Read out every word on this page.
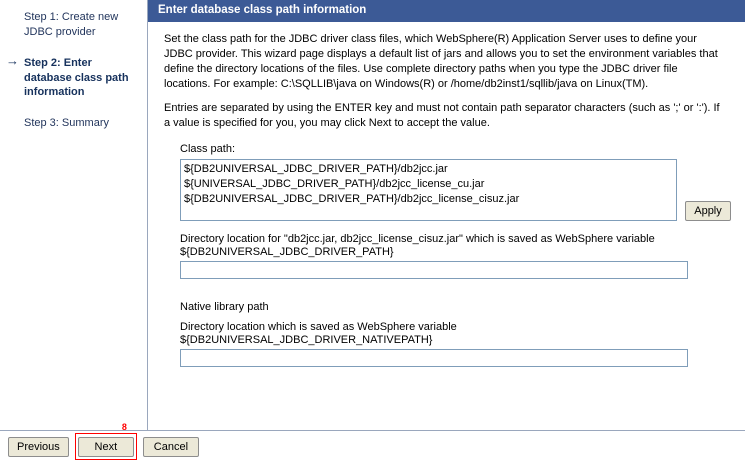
Step 1: Create new JDBC provider
→ Step 2: Enter database class path information
Step 3: Summary
Enter database class path information

Set the class path for the JDBC driver class files, which WebSphere(R) Application Server uses to define your JDBC provider. This wizard page displays a default list of jars and allows you to set the environment variables that define the directory locations of the files. Use complete directory paths when you type the JDBC driver file locations. For example: C:\SQLLIB\java on Windows(R) or /home/db2inst1/sqllib/java on Linux(TM).

Entries are separated by using the ENTER key and must not contain path separator characters (such as ';' or ':'). If a value is specified for you, you may click Next to accept the value.

Class path:
${DB2UNIVERSAL_JDBC_DRIVER_PATH}/db2jcc.jar ${UNIVERSAL_JDBC_DRIVER_PATH}/db2jcc_license_cu.jar ${DB2UNIVERSAL_JDBC_DRIVER_PATH}/db2jcc_license_cisuz.jar
Apply
Directory location for "db2jcc.jar, db2jcc_license_cisuz.jar" which is saved as WebSphere variable
${DB2UNIVERSAL_JDBC_DRIVER_PATH}
Native library path
Directory location which is saved as WebSphere variable
${DB2UNIVERSAL_JDBC_DRIVER_NATIVEPATH}
Previous	Next
8
Cancel
